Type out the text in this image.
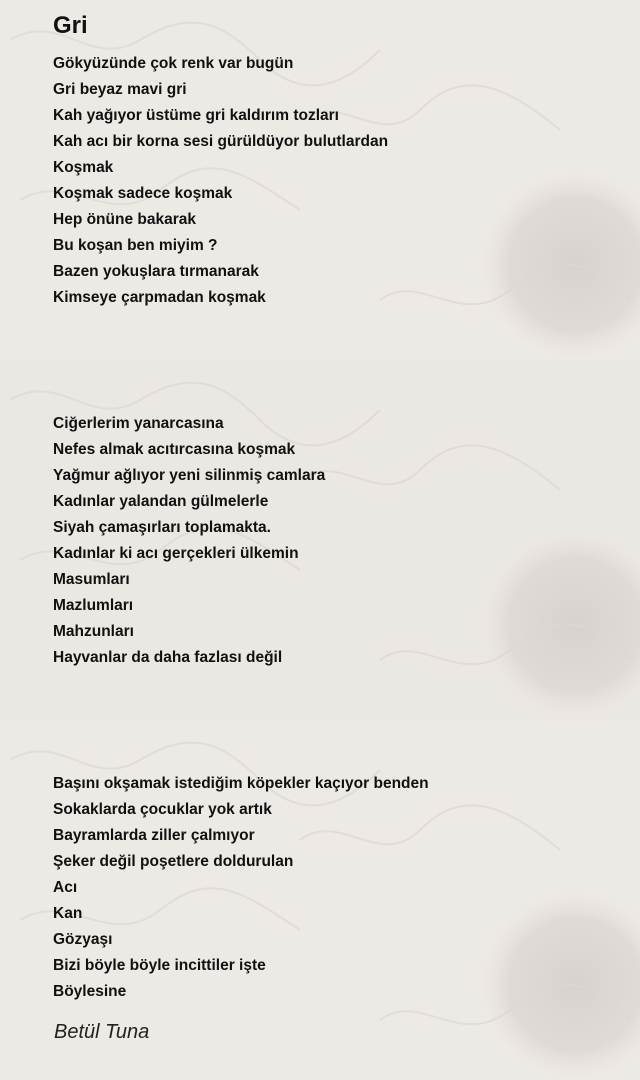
Gri
Gökyüzünde çok renk var bugün
Gri beyaz mavi gri
Kah yağıyor üstüme gri kaldırım tozları
Kah acı bir korna sesi gürüldüyor bulutlardan
Koşmak
Koşmak sadece koşmak
Hep önüne bakarak
Bu koşan ben miyim ?
Bazen yokuşlara tırmanarak
Kimseye çarpmadan koşmak
Ciğerlerim yanarcasına
Nefes almak acıtırcasına koşmak
Yağmur ağlıyor yeni silinmiş camlara
Kadınlar yalandan gülmelerle
Siyah çamaşırları toplamakta.
Kadınlar ki acı gerçekleri ülkemin
Masumları
Mazlumları
Mahzunları
Hayvanlar da daha fazlası değil
Başını okşamak istediğim köpekler kaçıyor benden
Sokaklarda çocuklar yok artık
Bayramlarda ziller çalmıyor
Şeker değil poşetlere doldurulan
Acı
Kan
Gözyaşı
Bizi böyle böyle incittiler işte
Böylesine
Betül Tuna
